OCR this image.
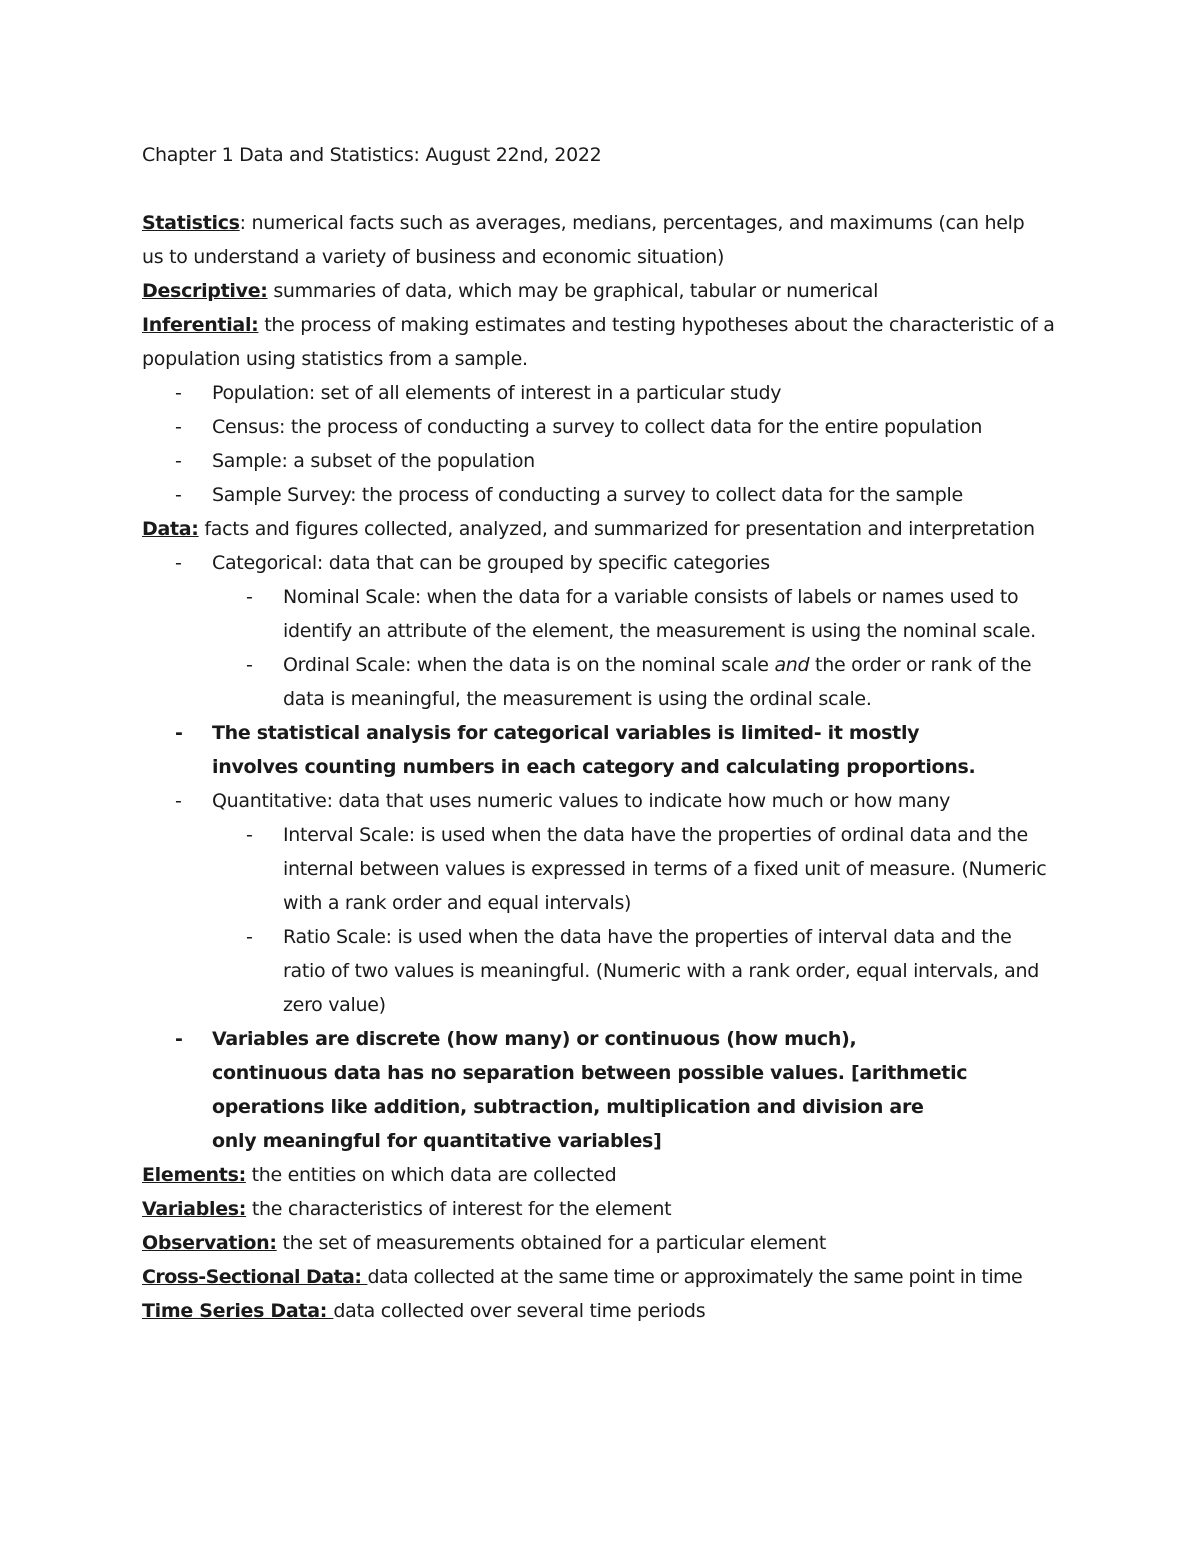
Chapter 1 Data and Statistics: August 22nd, 2022

Statistics: numerical facts such as averages, medians, percentages, and maximums (can help us to understand a variety of business and economic situation)

Descriptive: summaries of data, which may be graphical, tabular or numerical

Inferential: the process of making estimates and testing hypotheses about the characteristic of a population using statistics from a sample.

- Population: set of all elements of interest in a particular study

- Census: the process of conducting a survey to collect data for the entire population

- Sample: a subset of the population

- Sample Survey: the process of conducting a survey to collect data for the sample

Data: facts and figures collected, analyzed, and summarized for presentation and interpretation

- Categorical: data that can be grouped by specific categories

- Nominal Scale: when the data for a variable consists of labels or names used to identify an attribute of the element, the measurement is using the nominal scale.

- Ordinal Scale: when the data is on the nominal scale and the order or rank of the data is meaningful, the measurement is using the ordinal scale.

- The statistical analysis for categorical variables is limited- it mostly involves counting numbers in each category and calculating proportions.

- Quantitative: data that uses numeric values to indicate how much or how many

- Interval Scale: is used when the data have the properties of ordinal data and the internal between values is expressed in terms of a fixed unit of measure. (Numeric with a rank order and equal intervals)

- Ratio Scale: is used when the data have the properties of interval data and the ratio of two values is meaningful. (Numeric with a rank order, equal intervals, and zero value)

- Variables are discrete (how many) or continuous (how much), continuous data has no separation between possible values. [arithmetic operations like addition, subtraction, multiplication and division are only meaningful for quantitative variables]

Elements: the entities on which data are collected

Variables: the characteristics of interest for the element

Observation: the set of measurements obtained for a particular element

Cross-Sectional Data: data collected at the same time or approximately the same point in time

Time Series Data: data collected over several time periods
